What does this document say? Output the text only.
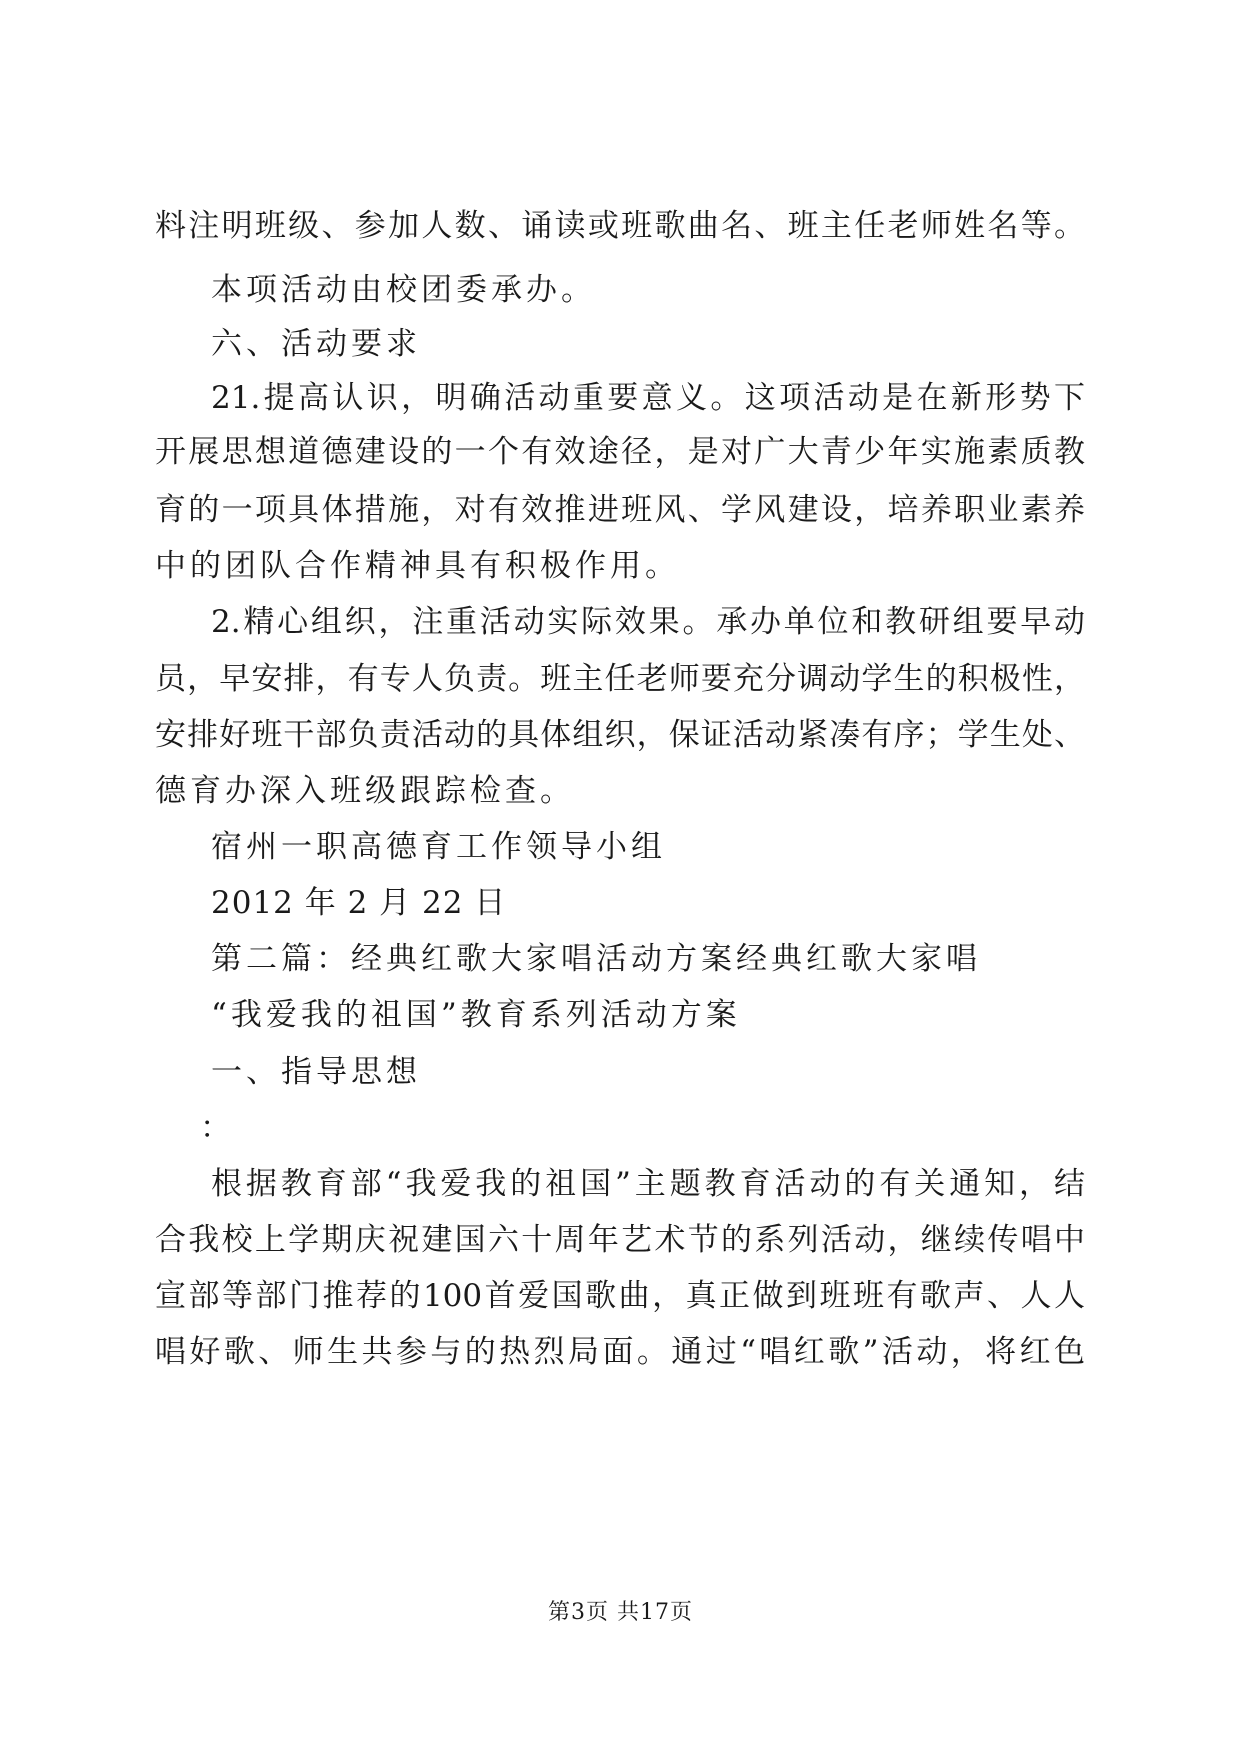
料注明班级、参加人数、诵读或班歌曲名、班主任老师姓名等。
本项活动由校团委承办。
六、活动要求
21.提高认识，明确活动重要意义。这项活动是在新形势下
开展思想道德建设的一个有效途径，是对广大青少年实施素质教
育的一项具体措施，对有效推进班风、学风建设，培养职业素养
中的团队合作精神具有积极作用。
2.精心组织，注重活动实际效果。承办单位和教研组要早动
员，早安排，有专人负责。班主任老师要充分调动学生的积极性，
安排好班干部负责活动的具体组织，保证活动紧凑有序；学生处、
德育办深入班级跟踪检查。
宿州一职高德育工作领导小组
2012 年 2 月 22 日
第二篇：经典红歌大家唱活动方案经典红歌大家唱
“我爱我的祖国”教育系列活动方案
一、指导思想
：
根据教育部“我爱我的祖国”主题教育活动的有关通知，结
合我校上学期庆祝建国六十周年艺术节的系列活动，继续传唱中
宣部等部门推荐的100首爱国歌曲，真正做到班班有歌声、人人
唱好歌、师生共参与的热烈局面。通过“唱红歌”活动，将红色
第3页 共17页
